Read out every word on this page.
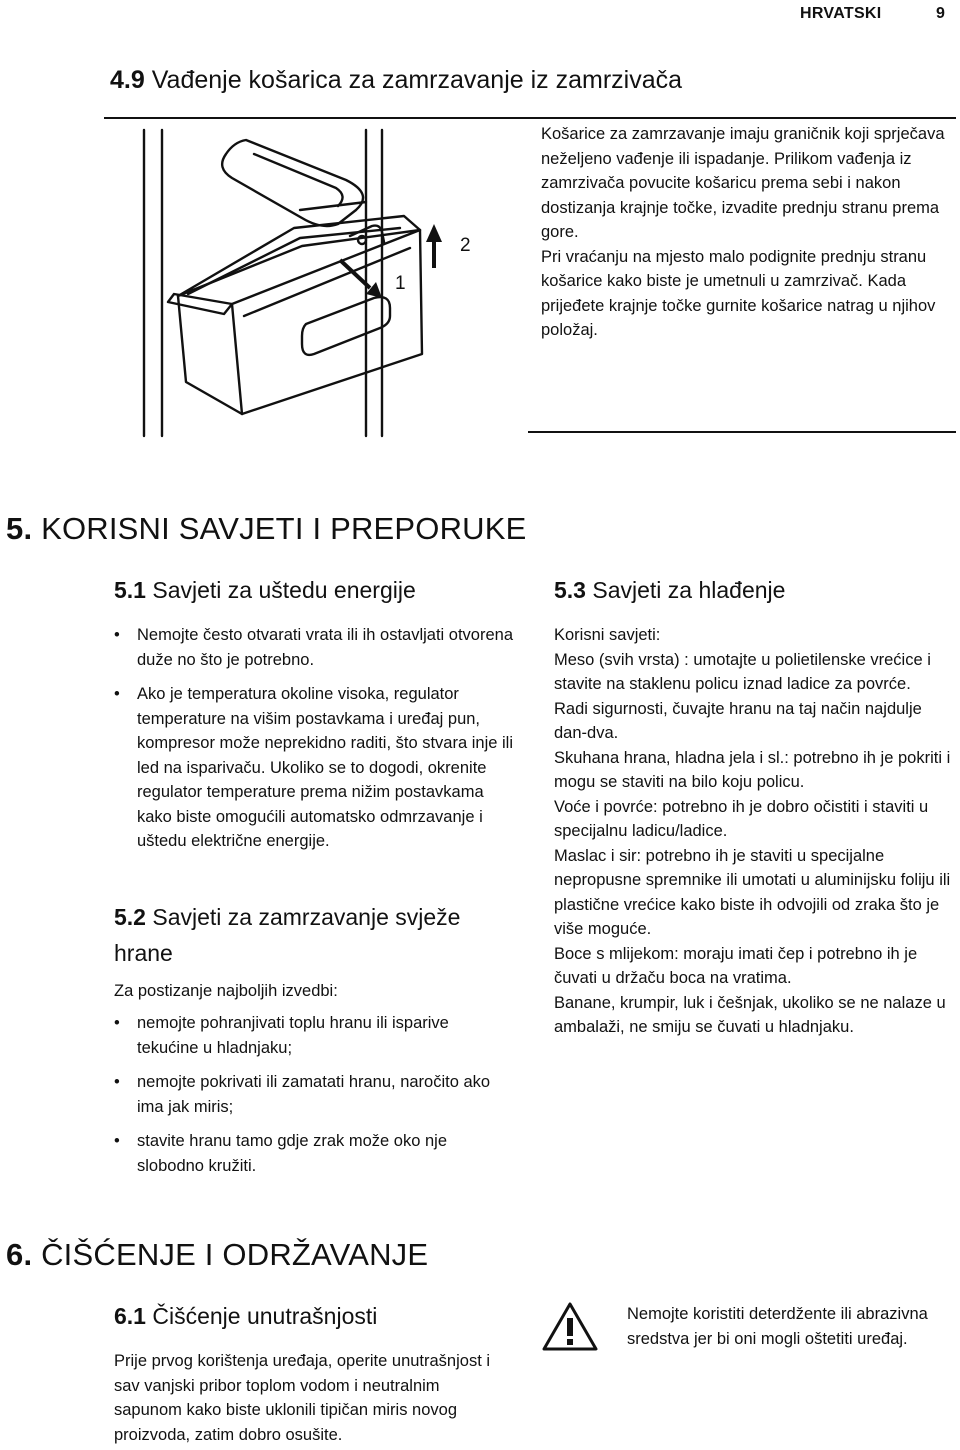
HRVATSKI	9
4.9 Vađenje košarica za zamrzavanje iz zamrzivača
1
2

Košarice za zamrzavanje imaju graničnik koji sprječava neželjeno vađenje ili ispadanje. Prilikom vađenja iz zamrzivača povucite košaricu prema sebi i nakon dostizanja krajnje točke, izvadite prednju stranu prema gore.

Pri vraćanju na mjesto malo podignite prednju stranu košarice kako biste je umetnuli u zamrzivač. Kada prijeđete krajnje točke gurnite košarice natrag u njihov položaj.

5. KORISNI SAVJETI I PREPORUKE
5.1 Savjeti za uštedu energije
• Nemojte često otvarati vrata ili ih ostavljati otvorena duže no što je potrebno.
• Ako je temperatura okoline visoka, regulator temperature na višim postavkama i uređaj pun, kompresor može neprekidno raditi, što stvara inje ili led na isparivaču. Ukoliko se to dogodi, okrenite regulator temperature prema nižim postavkama kako biste omogućili automatsko odmrzavanje i uštedu električne energije.
5.2 Savjeti za zamrzavanje svježe hrane
Za postizanje najboljih izvedbi:
• nemojte pohranjivati toplu hranu ili isparive tekućine u hladnjaku;
• nemojte pokrivati ili zamatati hranu, naročito ako ima jak miris;
• stavite hranu tamo gdje zrak može oko nje slobodno kružiti.
5.3 Savjeti za hlađenje

Korisni savjeti:

Meso (svih vrsta) : umotajte u polietilenske vrećice i stavite na staklenu policu iznad ladice za povrće.

Radi sigurnosti, čuvajte hranu na taj način najdulje dan-dva.

Skuhana hrana, hladna jela i sl.: potrebno ih je pokriti i mogu se staviti na bilo koju policu.

Voće i povrće: potrebno ih je dobro očistiti i staviti u specijalnu ladicu/ladice.

Maslac i sir: potrebno ih je staviti u specijalne nepropusne spremnike ili umotati u aluminijsku foliju ili plastične vrećice kako biste ih odvojili od zraka što je više moguće.

Boce s mlijekom: moraju imati čep i potrebno ih je čuvati u držaču boca na vratima.

Banane, krumpir, luk i češnjak, ukoliko se ne nalaze u ambalaži, ne smiju se čuvati u hladnjaku.

6. ČIŠĆENJE I ODRŽAVANJE
6.1 Čišćenje unutrašnjosti
Prije prvog korištenja uređaja, operite unutrašnjost i sav vanjski pribor toplom vodom i neutralnim sapunom kako biste uklonili tipičan miris novog proizvoda, zatim dobro osušite.
Nemojte koristiti deterdžente ili abrazivna sredstva jer bi oni mogli oštetiti uređaj.
